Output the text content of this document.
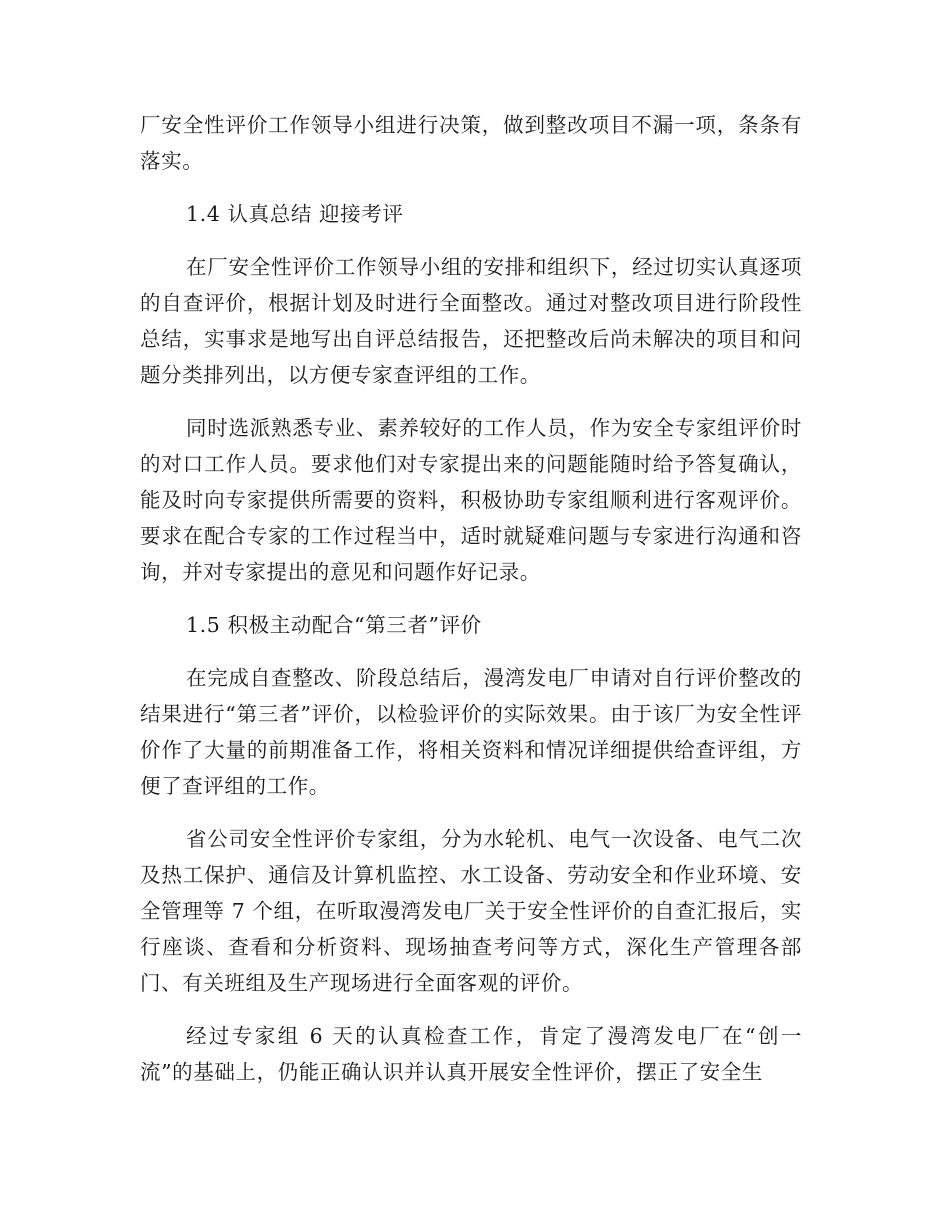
厂安全性评价工作领导小组进行决策，做到整改项目不漏一项，条条有落实。

1.4 认真总结 迎接考评

在厂安全性评价工作领导小组的安排和组织下，经过切实认真逐项的自查评价，根据计划及时进行全面整改。通过对整改项目进行阶段性总结，实事求是地写出自评总结报告，还把整改后尚未解决的项目和问题分类排列出，以方便专家查评组的工作。

同时选派熟悉专业、素养较好的工作人员，作为安全专家组评价时的对口工作人员。要求他们对专家提出来的问题能随时给予答复确认，能及时向专家提供所需要的资料，积极协助专家组顺利进行客观评价。要求在配合专家的工作过程当中，适时就疑难问题与专家进行沟通和咨询，并对专家提出的意见和问题作好记录。

1.5 积极主动配合“第三者”评价

在完成自查整改、阶段总结后，漫湾发电厂申请对自行评价整改的结果进行“第三者”评价，以检验评价的实际效果。由于该厂为安全性评价作了大量的前期准备工作，将相关资料和情况详细提供给查评组，方便了查评组的工作。

省公司安全性评价专家组，分为水轮机、电气一次设备、电气二次及热工保护、通信及计算机监控、水工设备、劳动安全和作业环境、安全管理等 7 个组，在听取漫湾发电厂关于安全性评价的自查汇报后，实行座谈、查看和分析资料、现场抽查考问等方式，深化生产管理各部门、有关班组及生产现场进行全面客观的评价。

经过专家组 6 天的认真检查工作，肯定了漫湾发电厂在“创一流”的基础上，仍能正确认识并认真开展安全性评价，摆正了安全生
